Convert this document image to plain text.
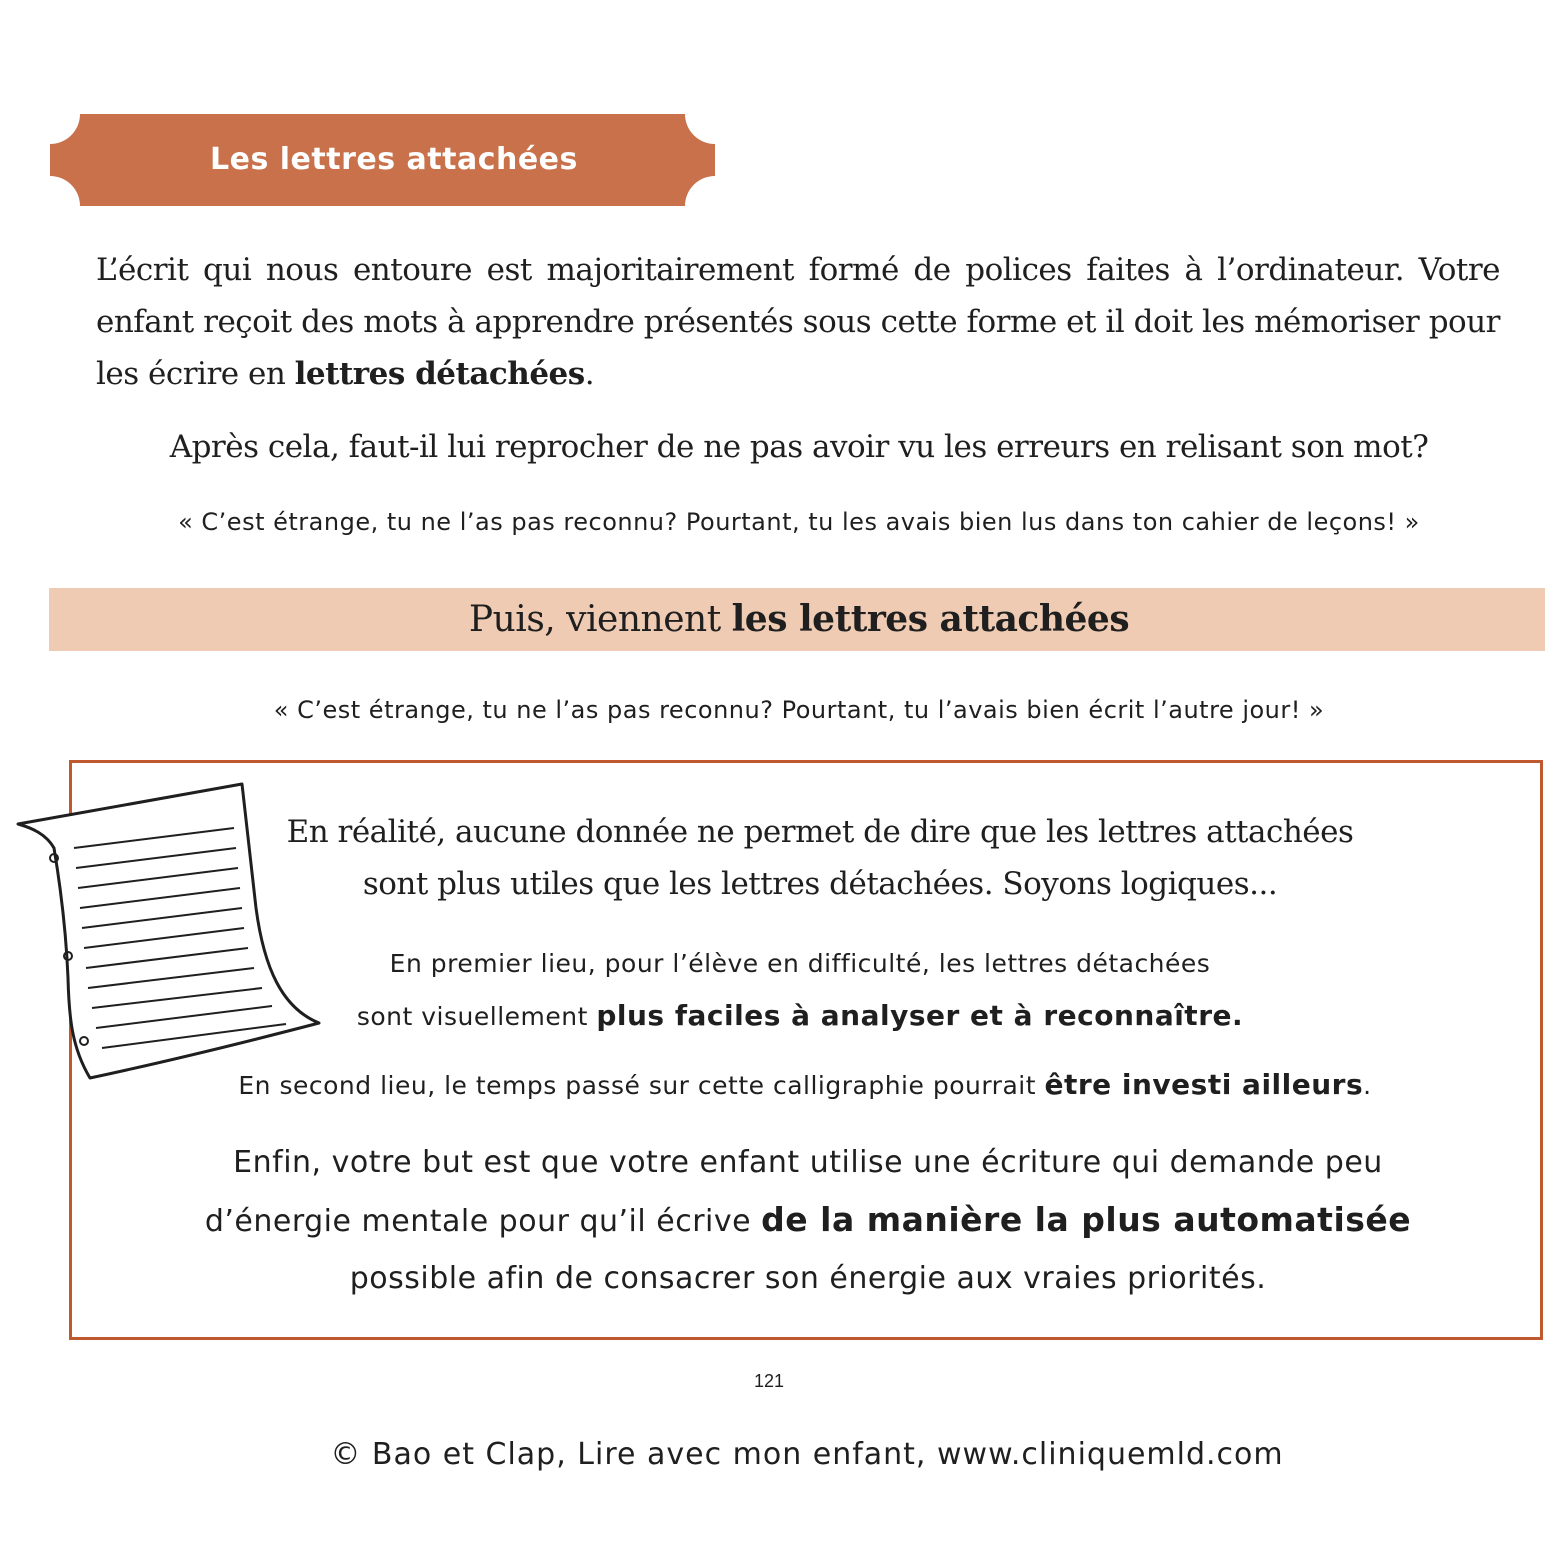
Les lettres attachées
L’écrit qui nous entoure est majoritairement formé de polices faites à l’ordinateur. Votre enfant reçoit des mots à apprendre présentés sous cette forme et il doit les mémoriser pour les écrire en lettres détachées.
Après cela, faut-il lui reprocher de ne pas avoir vu les erreurs en relisant son mot?
« C’est étrange, tu ne l’as pas reconnu? Pourtant, tu les avais bien lus dans ton cahier de leçons! »
Puis, viennent les lettres attachées
« C’est étrange, tu ne l’as pas reconnu? Pourtant, tu l’avais bien écrit l’autre jour! »
En réalité, aucune donnée ne permet de dire que les lettres attachées
sont plus utiles que les lettres détachées. Soyons logiques...
En premier lieu, pour l’élève en difficulté, les lettres détachées
sont visuellement plus faciles à analyser et à reconnaître.
En second lieu, le temps passé sur cette calligraphie pourrait être investi ailleurs.
Enfin, votre but est que votre enfant utilise une écriture qui demande peu
d’énergie mentale pour qu’il écrive de la manière la plus automatisée
possible afin de consacrer son énergie aux vraies priorités.
121
© Bao et Clap, Lire avec mon enfant, www.cliniquemld.com
